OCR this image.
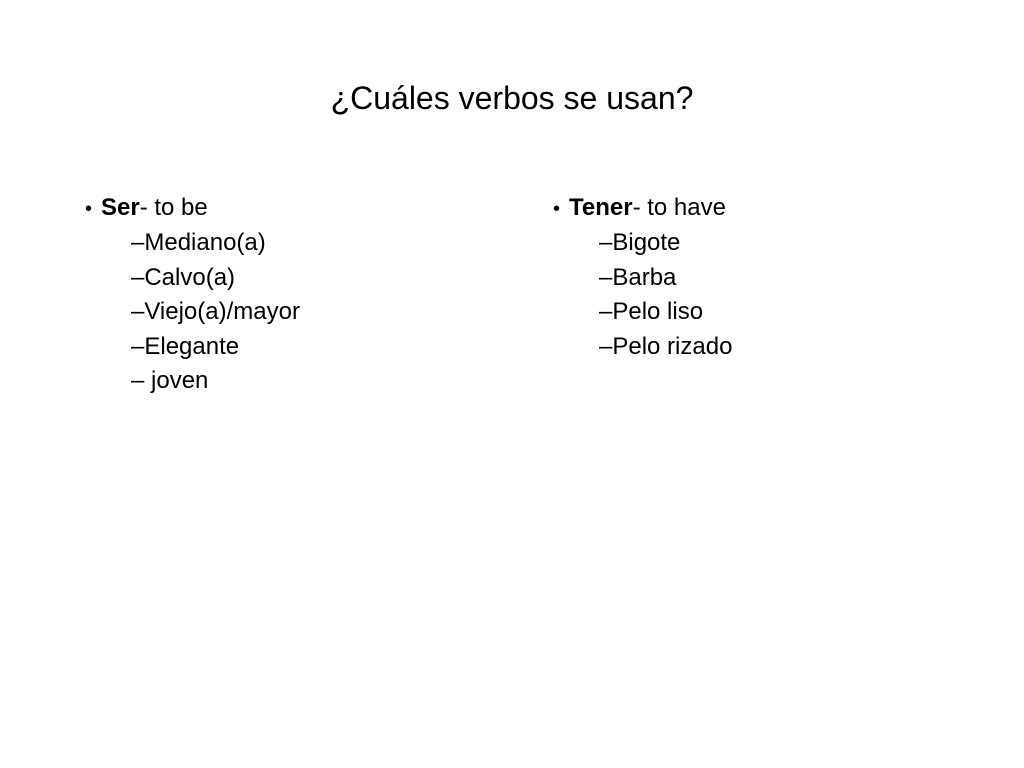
¿Cuáles verbos se usan?
• Ser - to be
–Mediano(a)
–Calvo(a)
–Viejo(a)/mayor
–Elegante
– joven
• Tener - to have
–Bigote
–Barba
–Pelo liso
–Pelo rizado
